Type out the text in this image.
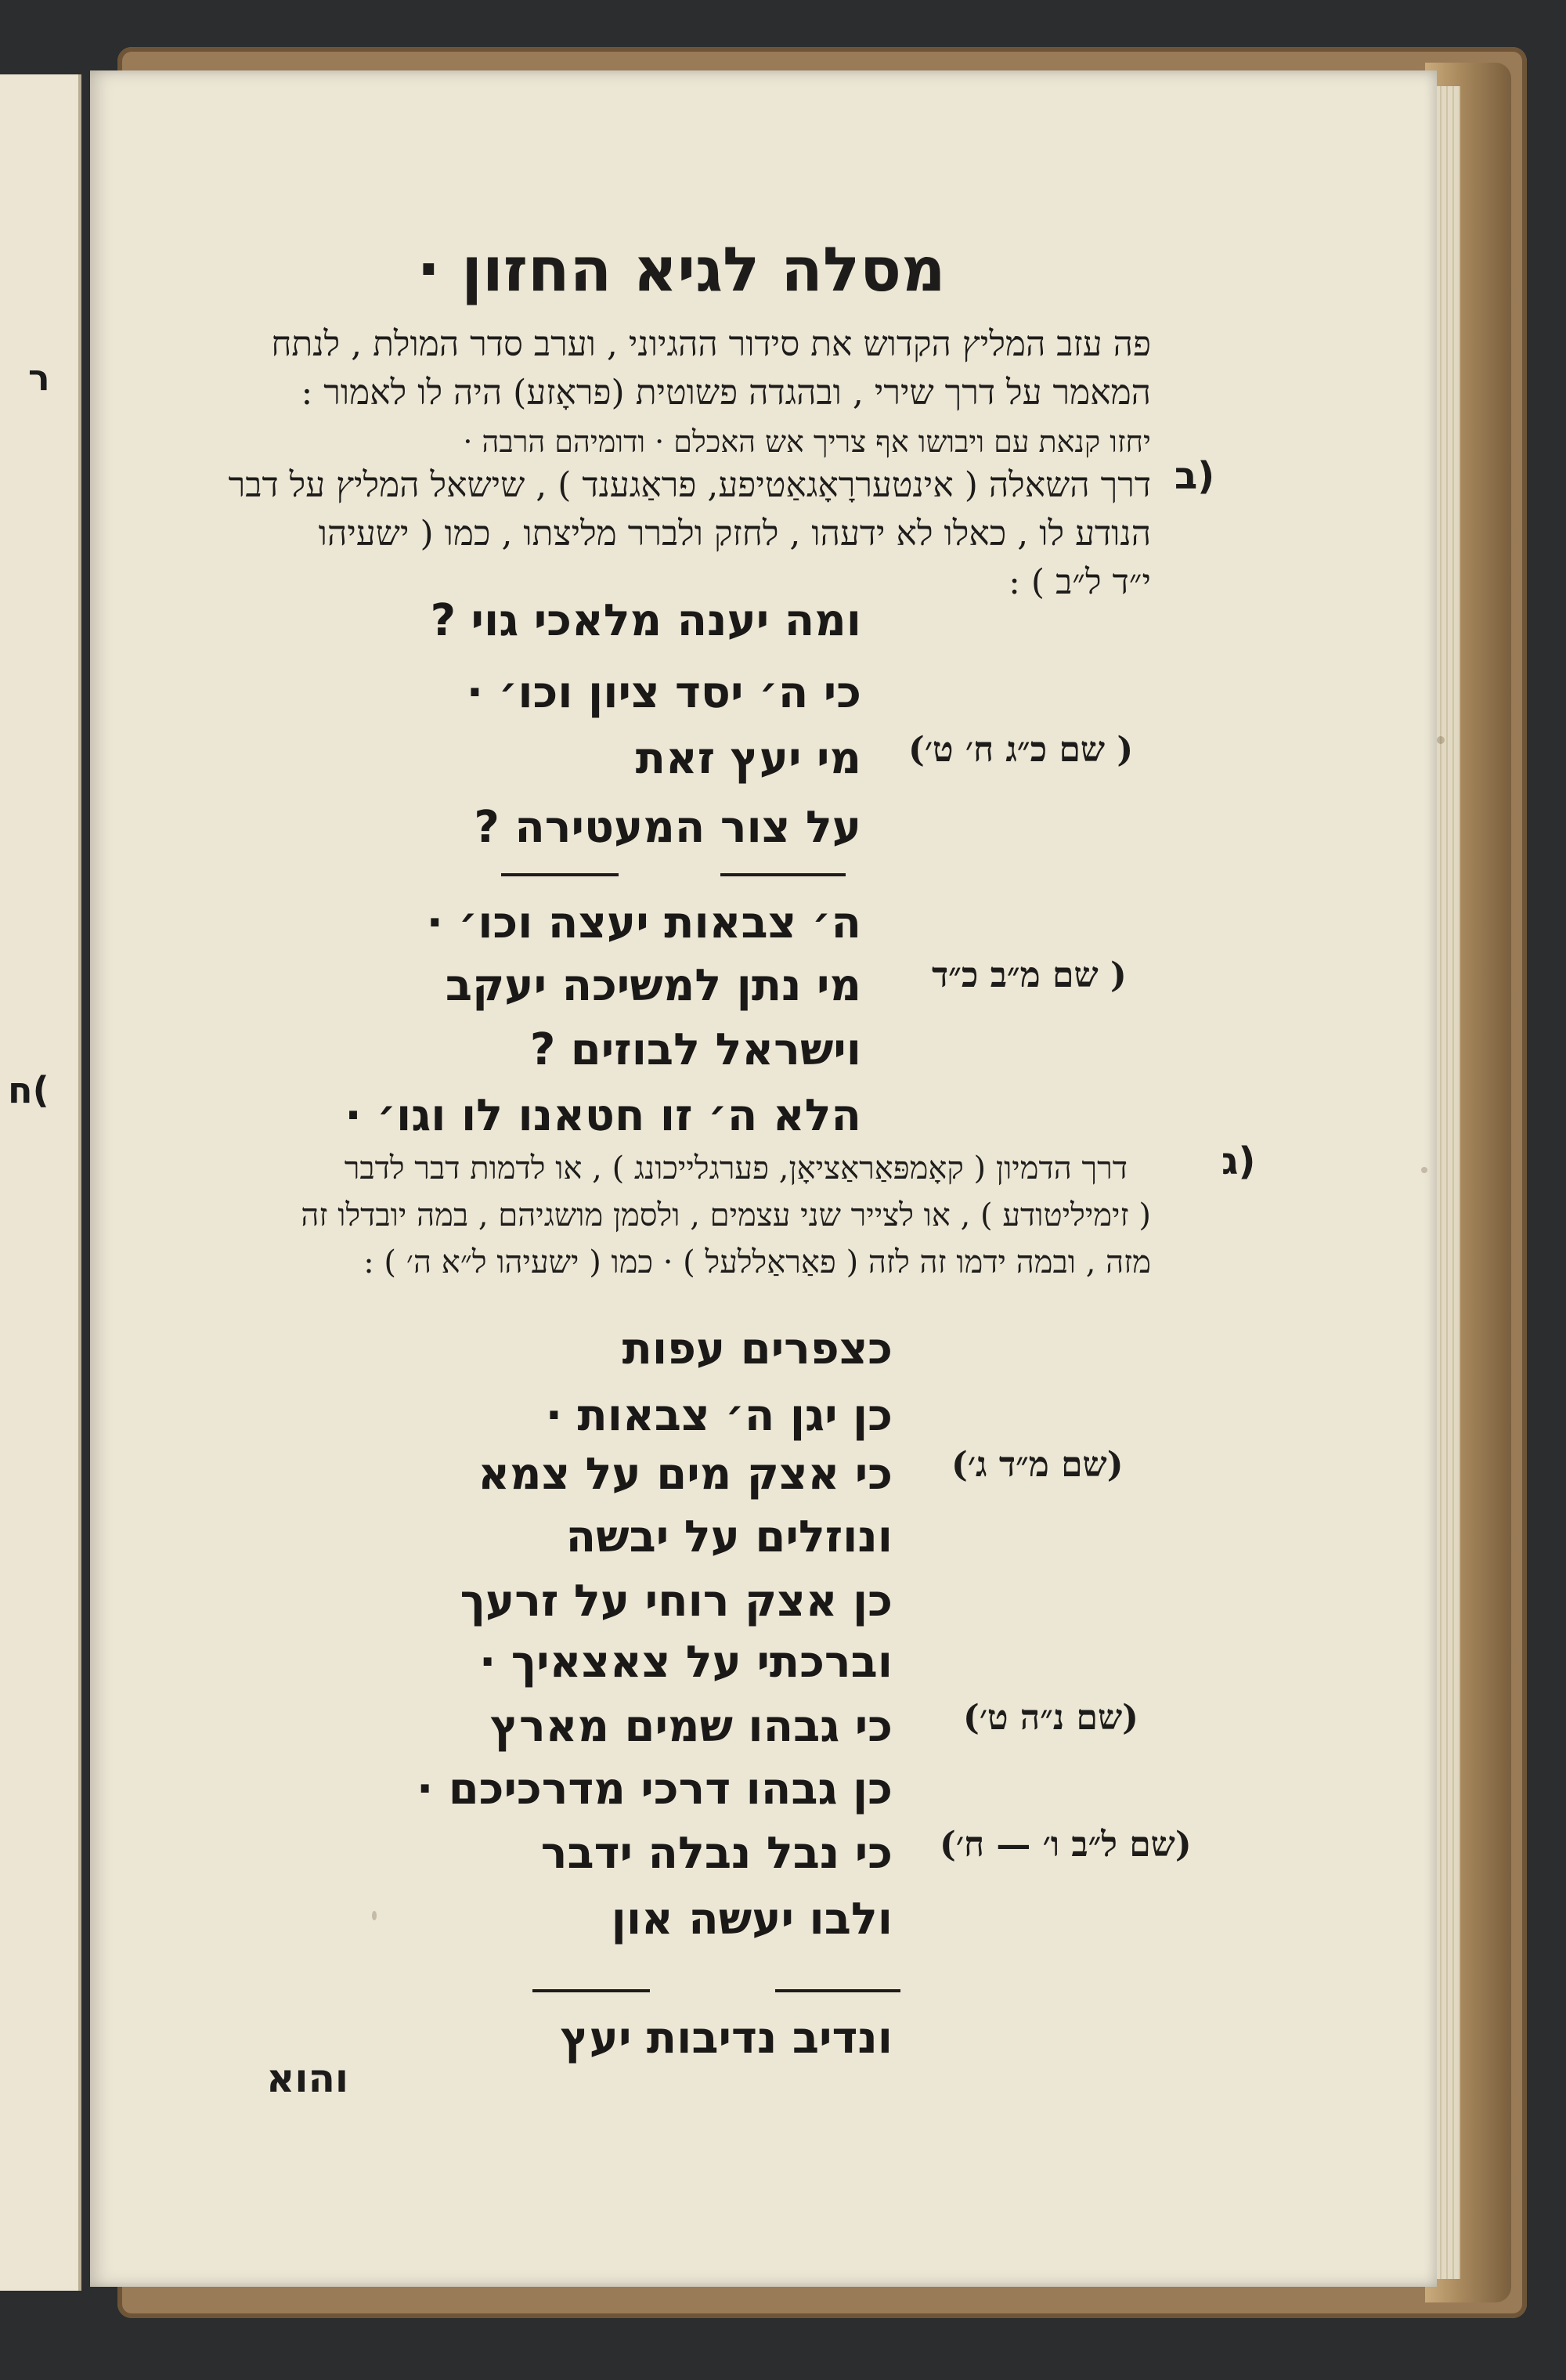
ר
ח(
מסלה לגיא החזון ·
פה עזב המליץ הקדוש את סידור ההגיוני , וערב סדר המולת , לנתח
המאמר על דרך שירי , ובהגדה פשוטית (פראָזע) היה לו לאמור :
יחזו קנאת עם ויבושו אף צריך אש האכלם · ודומיהם הרבה ·
ב)
דרך השאלה ( אינטעררָאָגאַטיפע, פראַגענד ) , שישאל המליץ על דבר
הנודע לו , כאלו לא ידעהו , לחזק ולברר מליצתו , כמו ( ישעיהו
י״ד ל״ב ) :
ומה יענה מלאכי גוי ?
כי ה׳ יסד ציון וכו׳ ·
מי יעץ זאת ( שם כ״ג ח׳ ט׳)
על צור המעטירה ?
ה׳ צבאות יעצה וכו׳ ·
מי נתן למשיכה יעקב ( שם מ״ב כ״ד
וישראל לבוזים ?
הלא ה׳ זו חטאנו לו וגו׳ ·
ג)
דרך הדמיון ( קאָמפּאַראַציאָן, פערגלייכונג ) , או לדמות דבר לדבר
( זימיליטודע ) , או לצייר שני עצמים , ולסמן מושגיהם , במה יובדלו זה
מזה , ובמה ידמו זה לזה ( פאַראַללעל ) · כמו ( ישעיהו ל״א ה׳ ) :
כצפרים עפות
כן יגן ה׳ צבאות ·
כי אצק מים על צמא (שם מ״ד ג׳)
ונוזלים על יבשה
כן אצק רוחי על זרעך
וברכתי על צאצאיך ·
כי גבהו שמים מארץ (שם נ״ה ט׳)
כן גבהו דרכי מדרכיכם ·
כי נבל נבלה ידבר (שם ל״ב ו׳ — ח׳)
ולבו יעשה און
ונדיב נדיבות יעץ
והוא
